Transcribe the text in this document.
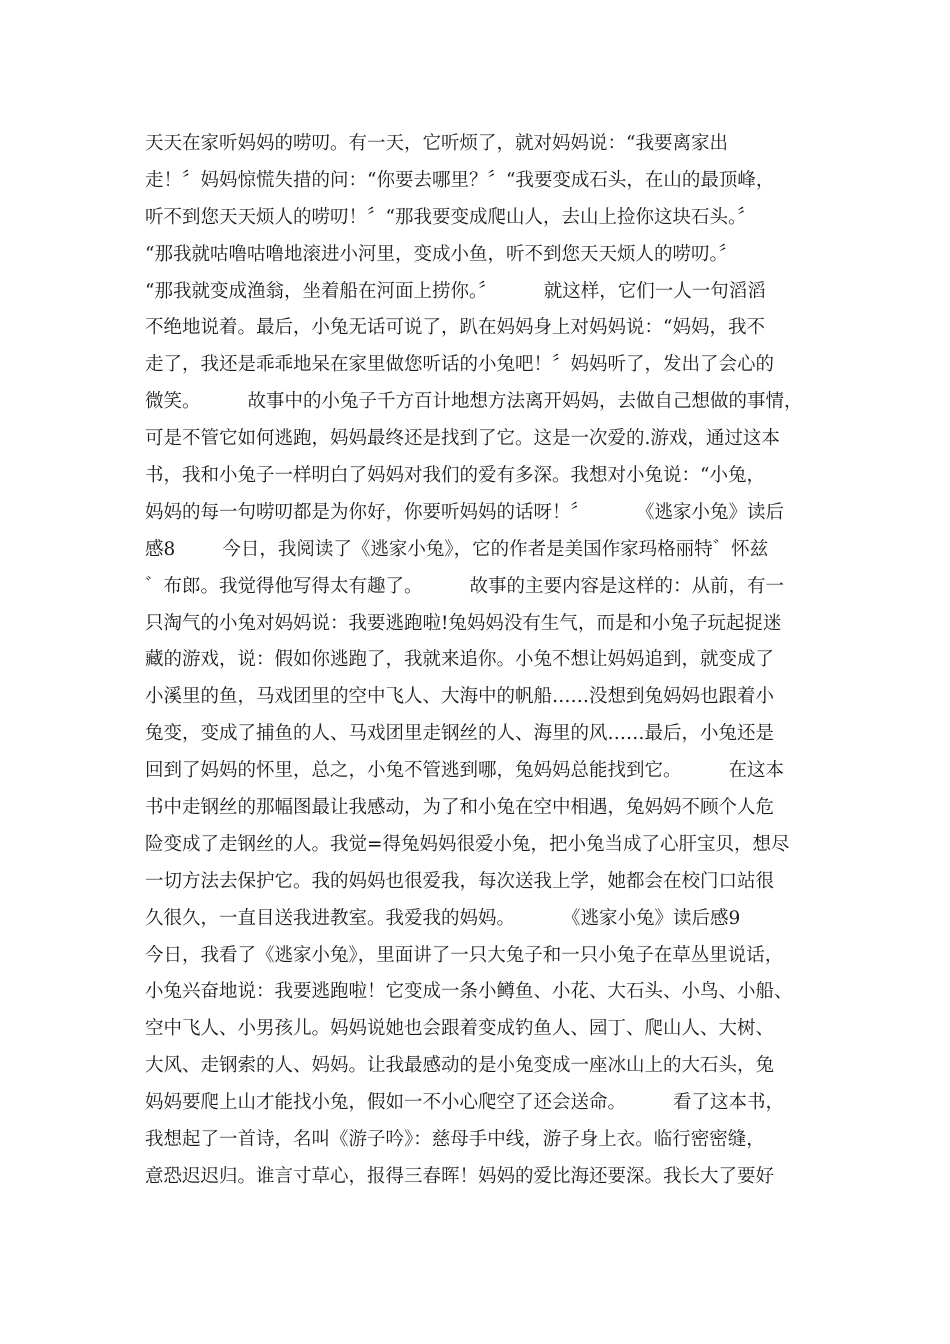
天天在家听妈妈的唠叨。有一天，它听烦了，就对妈妈说：“我要离家出
走！〞妈妈惊慌失措的问：“你要去哪里？〞“我要变成石头，在山的最顶峰，
听不到您天天烦人的唠叨！〞“那我要变成爬山人，去山上捡你这块石头。〞
“那我就咕噜咕噜地滚进小河里，变成小鱼，听不到您天天烦人的唠叨。〞
“那我就变成渔翁，坐着船在河面上捞你。〞        就这样，它们一人一句滔滔
不绝地说着。最后，小兔无话可说了，趴在妈妈身上对妈妈说：“妈妈，我不
走了，我还是乖乖地呆在家里做您听话的小兔吧！〞妈妈听了，发出了会心的
微笑。        故事中的小兔子千方百计地想方法离开妈妈，去做自己想做的事情，
可是不管它如何逃跑，妈妈最终还是找到了它。这是一次爱的.游戏，通过这本
书，我和小兔子一样明白了妈妈对我们的爱有多深。我想对小兔说：“小兔，
妈妈的每一句唠叨都是为你好，你要听妈妈的话呀！〞        《逃家小兔》读后
感8        今日，我阅读了《逃家小兔》，它的作者是美国作家玛格丽特゛怀兹
゛布郎。我觉得他写得太有趣了。        故事的主要内容是这样的：从前，有一
只淘气的小兔对妈妈说：我要逃跑啦!兔妈妈没有生气，而是和小兔子玩起捉迷
藏的游戏，说：假如你逃跑了，我就来追你。小兔不想让妈妈追到，就变成了
小溪里的鱼，马戏团里的空中飞人、大海中的帆船……没想到兔妈妈也跟着小
兔变，变成了捕鱼的人、马戏团里走钢丝的人、海里的风……最后，小兔还是
回到了妈妈的怀里，总之，小兔不管逃到哪，兔妈妈总能找到它。        在这本
书中走钢丝的那幅图最让我感动，为了和小兔在空中相遇，兔妈妈不顾个人危
险变成了走钢丝的人。我觉=得兔妈妈很爱小兔，把小兔当成了心肝宝贝，想尽
一切方法去保护它。我的妈妈也很爱我，每次送我上学，她都会在校门口站很
久很久，一直目送我进教室。我爱我的妈妈。        《逃家小兔》读后感9
今日，我看了《逃家小兔》，里面讲了一只大兔子和一只小兔子在草丛里说话，
小兔兴奋地说：我要逃跑啦！它变成一条小鳟鱼、小花、大石头、小鸟、小船、
空中飞人、小男孩儿。妈妈说她也会跟着变成钓鱼人、园丁、爬山人、大树、
大风、走钢索的人、妈妈。让我最感动的是小兔变成一座冰山上的大石头，兔
妈妈要爬上山才能找小兔，假如一不小心爬空了还会送命。        看了这本书，
我想起了一首诗，名叫《游子吟》：慈母手中线，游子身上衣。临行密密缝，
意恐迟迟归。谁言寸草心，报得三春晖！妈妈的爱比海还要深。我长大了要好
